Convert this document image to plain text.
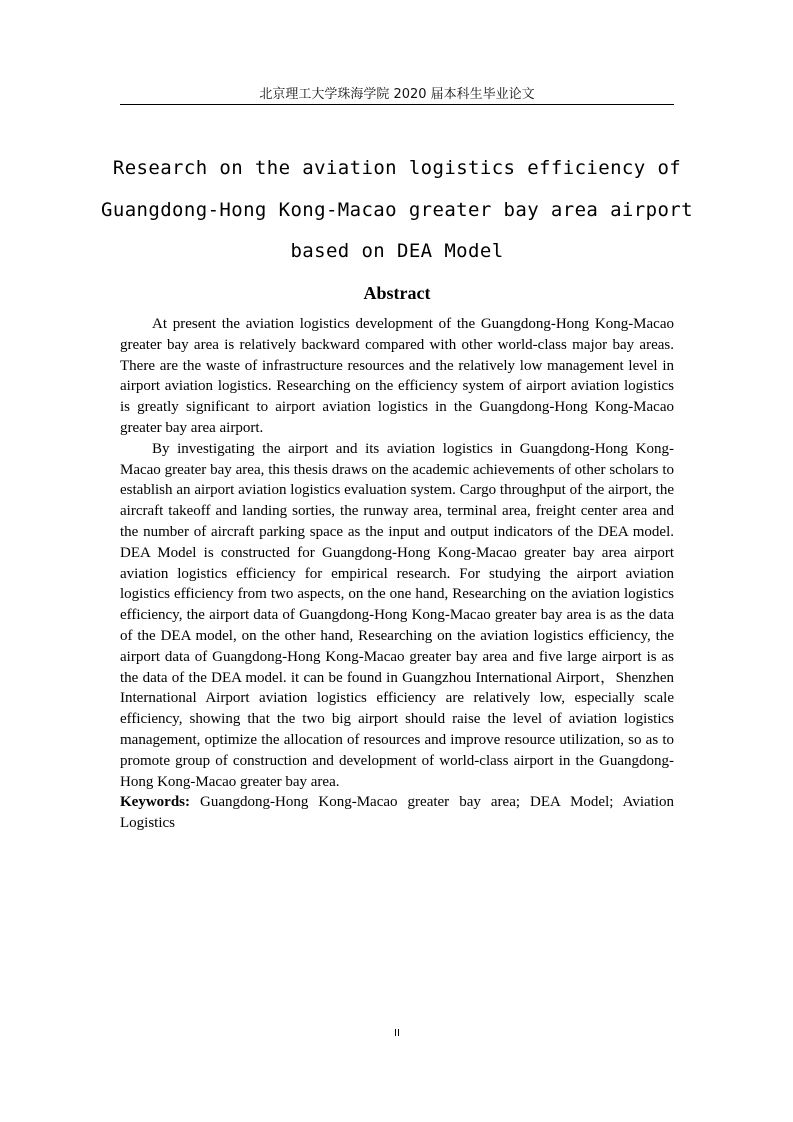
北京理工大学珠海学院 2020 届本科生毕业论文
Research on the aviation logistics efficiency of
Guangdong-Hong Kong-Macao greater bay area airport
based on DEA Model
Abstract

At present the aviation logistics development of the Guangdong-Hong Kong-Macao greater bay area is relatively backward compared with other world-class major bay areas. There are the waste of infrastructure resources and the relatively low management level in airport aviation logistics. Researching on the efficiency system of airport aviation logistics is greatly significant to airport aviation logistics in the Guangdong-Hong Kong-Macao greater bay area airport.

By investigating the airport and its aviation logistics in Guangdong-Hong Kong-Macao greater bay area, this thesis draws on the academic achievements of other scholars to establish an airport aviation logistics evaluation system. Cargo throughput of the airport, the aircraft takeoff and landing sorties, the runway area, terminal area, freight center area and the number of aircraft parking space as the input and output indicators of the DEA model. DEA Model is constructed for Guangdong-Hong Kong-Macao greater bay area airport aviation logistics efficiency for empirical research. For studying the airport aviation logistics efficiency from two aspects, on the one hand, Researching on the aviation logistics efficiency, the airport data of Guangdong-Hong Kong-Macao greater bay area is as the data of the DEA model, on the other hand, Researching on the aviation logistics efficiency, the airport data of Guangdong-Hong Kong-Macao greater bay area and five large airport is as the data of the DEA model. it can be found in Guangzhou International Airport，Shenzhen International Airport aviation logistics efficiency are relatively low, especially scale efficiency, showing that the two big airport should raise the level of aviation logistics management, optimize the allocation of resources and improve resource utilization, so as to promote group of construction and development of world-class airport in the Guangdong-Hong Kong-Macao greater bay area.

Keywords: Guangdong-Hong Kong-Macao greater bay area; DEA Model; Aviation Logistics

II
